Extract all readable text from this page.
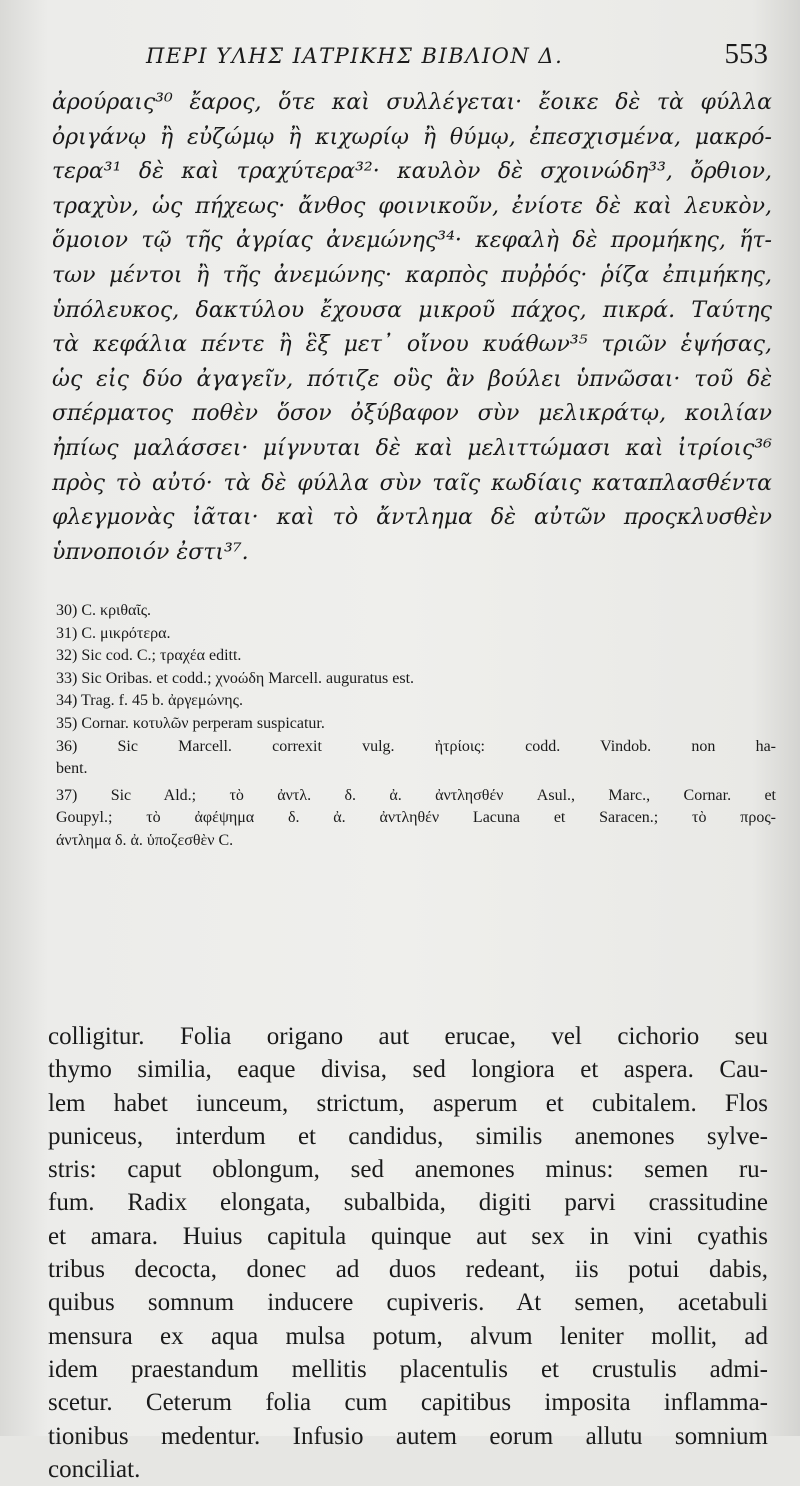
ΠΕΡΙ ΥΛΗΣ ΙΑΤΡΙΚΗΣ ΒΙΒΛΙΟΝ Δ.	553
ἀρούραις³⁰ ἔαρος, ὅτε καὶ συλλέγεται· ἔοικε δὲ τὰ φύλλα
ὀριγάνῳ ἢ εὐζώμῳ ἢ κιχωρίῳ ἢ θύμῳ, ἐπεσχισμένα, μακρό-
τερα³¹ δὲ καὶ τραχύτερα³²· καυλὸν δὲ σχοινώδη³³, ὄρθιον,
τραχὺν, ὡς πήχεως· ἄνθος φοινικοῦν, ἐνίοτε δὲ καὶ λευκὸν,
ὅμοιον τῷ τῆς ἀγρίας ἀνεμώνης³⁴· κεφαλὴ δὲ προμήκης, ἥτ-
των μέντοι ἢ τῆς ἀνεμώνης· καρπὸς πυῤῥός· ῥίζα ἐπιμήκης,
ὑπόλευκος, δακτύλου ἔχουσα μικροῦ πάχος, πικρά. Ταύτης
τὰ κεφάλια πέντε ἢ ἓξ μετ᾽ οἴνου κυάθων³⁵ τριῶν ἑψήσας,
ὡς εἰς δύο ἀγαγεῖν, πότιζε οὓς ἂν βούλει ὑπνῶσαι· τοῦ δὲ
σπέρματος ποθὲν ὅσον ὀξύβαφον σὺν μελικράτῳ, κοιλίαν
ἠπίως μαλάσσει· μίγνυται δὲ καὶ μελιττώμασι καὶ ἰτρίοις³⁶
πρὸς τὸ αὐτό· τὰ δὲ φύλλα σὺν ταῖς κωδίαις καταπλασθέντα
φλεγμονὰς ἰᾶται· καὶ τὸ ἄντλημα δὲ αὐτῶν προςκλυσθὲν
ὑπνοποιόν ἐστι³⁷.
30) C. κριθαῖς.
31) C. μικρότερα.
32) Sic cod. C.; τραχέα editt.
33) Sic Oribas. et codd.; χνοώδη Marcell. auguratus est.
34) Trag. f. 45 b. ἀργεμώνης.
35) Cornar. κοτυλῶν perperam suspicatur.
36) Sic Marcell. correxit vulg. ἠτρίοις: codd. Vindob. non ha-
bent.
37) Sic Ald.; τὸ ἀντλ. δ. ἀ. ἀντλησθέν Asul., Marc., Cornar. et
Goupyl.; τὸ ἀφέψημα δ. ἀ. ἀντληθέν Lacuna et Saracen.; τὸ προς-
άντλημα δ. ἀ. ὑποζεσθὲν C.
colligitur. Folia origano aut erucae, vel cichorio seu
thymo similia, eaque divisa, sed longiora et aspera. Cau-
lem habet iunceum, strictum, asperum et cubitalem. Flos
puniceus, interdum et candidus, similis anemones sylve-
stris: caput oblongum, sed anemones minus: semen ru-
fum. Radix elongata, subalbida, digiti parvi crassitudine
et amara. Huius capitula quinque aut sex in vini cyathis
tribus decocta, donec ad duos redeant, iis potui dabis,
quibus somnum inducere cupiveris. At semen, acetabuli
mensura ex aqua mulsa potum, alvum leniter mollit, ad
idem praestandum mellitis placentulis et crustulis admi-
scetur. Ceterum folia cum capitibus imposita inflamma-
tionibus medentur. Infusio autem eorum allutu somnium
conciliat.
